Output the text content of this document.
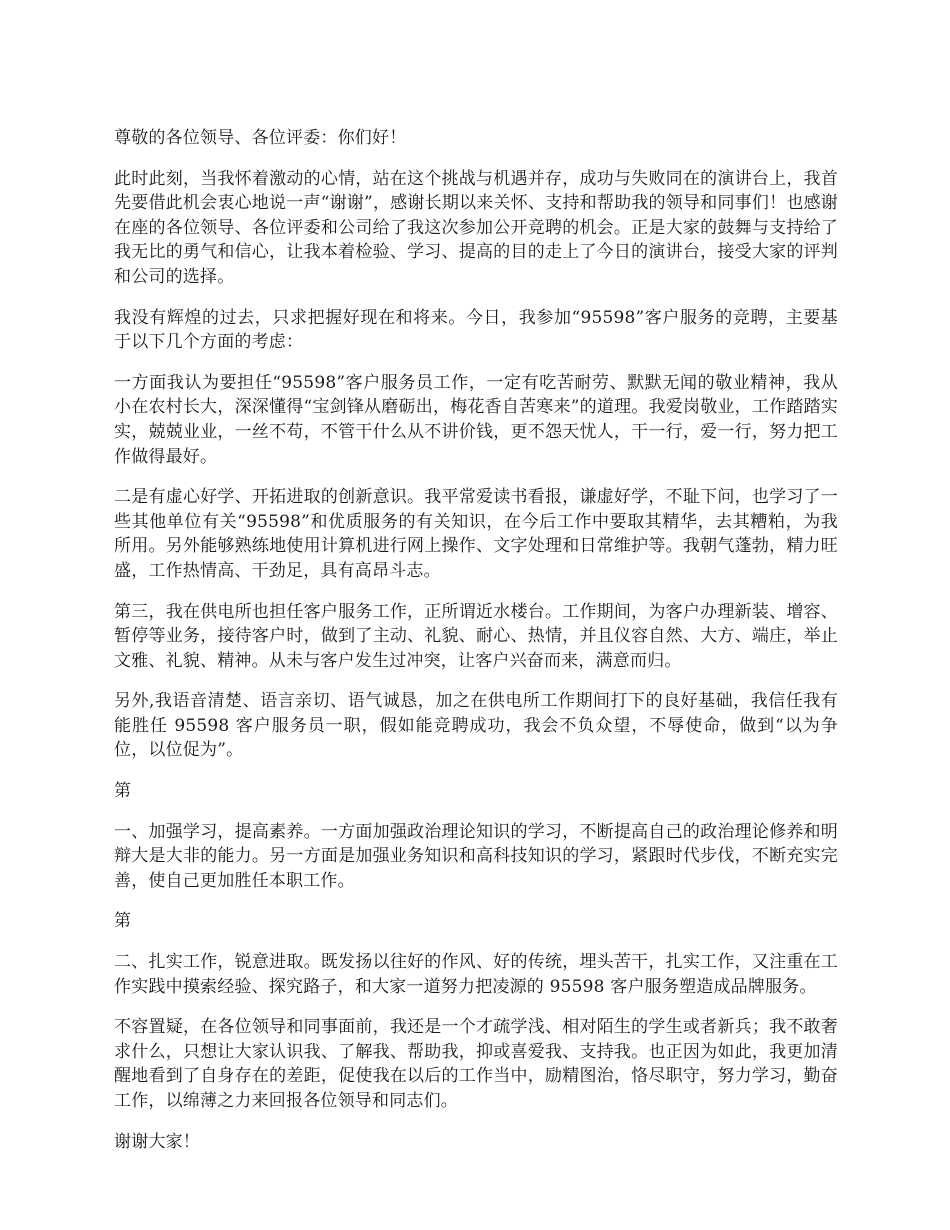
尊敬的各位领导、各位评委：你们好！

此时此刻，当我怀着激动的心情，站在这个挑战与机遇并存，成功与失败同在的演讲台上，我首先要借此机会衷心地说一声“谢谢”，感谢长期以来关怀、支持和帮助我的领导和同事们！也感谢在座的各位领导、各位评委和公司给了我这次参加公开竞聘的机会。正是大家的鼓舞与支持给了我无比的勇气和信心，让我本着检验、学习、提高的目的走上了今日的演讲台，接受大家的评判和公司的选择。

我没有辉煌的过去，只求把握好现在和将来。今日，我参加“95598”客户服务的竞聘，主要基于以下几个方面的考虑：

一方面我认为要担任“95598”客户服务员工作，一定有吃苦耐劳、默默无闻的敬业精神，我从小在农村长大，深深懂得“宝剑锋从磨砺出，梅花香自苦寒来”的道理。我爱岗敬业，工作踏踏实实，兢兢业业，一丝不苟，不管干什么从不讲价钱，更不怨天忧人，干一行，爱一行，努力把工作做得最好。

二是有虚心好学、开拓进取的创新意识。我平常爱读书看报，谦虚好学，不耻下问，也学习了一些其他单位有关“95598”和优质服务的有关知识，在今后工作中要取其精华，去其糟粕，为我所用。另外能够熟练地使用计算机进行网上操作、文字处理和日常维护等。我朝气蓬勃，精力旺盛，工作热情高、干劲足，具有高昂斗志。

第三，我在供电所也担任客户服务工作，正所谓近水楼台。工作期间，为客户办理新装、增容、暂停等业务，接待客户时，做到了主动、礼貌、耐心、热情，并且仪容自然、大方、端庄，举止文雅、礼貌、精神。从未与客户发生过冲突，让客户兴奋而来，满意而归。

另外,我语音清楚、语言亲切、语气诚恳，加之在供电所工作期间打下的良好基础，我信任我有能胜任 95598 客户服务员一职，假如能竞聘成功，我会不负众望，不辱使命，做到“以为争位，以位促为”。

第

一、加强学习，提高素养。一方面加强政治理论知识的学习，不断提高自己的政治理论修养和明辩大是大非的能力。另一方面是加强业务知识和高科技知识的学习，紧跟时代步伐，不断充实完善，使自己更加胜任本职工作。

第

二、扎实工作，锐意进取。既发扬以往好的作风、好的传统，埋头苦干，扎实工作，又注重在工作实践中摸索经验、探究路子，和大家一道努力把凌源的 95598 客户服务塑造成品牌服务。

不容置疑，在各位领导和同事面前，我还是一个才疏学浅、相对陌生的学生或者新兵；我不敢奢求什么，只想让大家认识我、了解我、帮助我，抑或喜爱我、支持我。也正因为如此，我更加清醒地看到了自身存在的差距，促使我在以后的工作当中，励精图治，恪尽职守，努力学习，勤奋工作，以绵薄之力来回报各位领导和同志们。

谢谢大家！
